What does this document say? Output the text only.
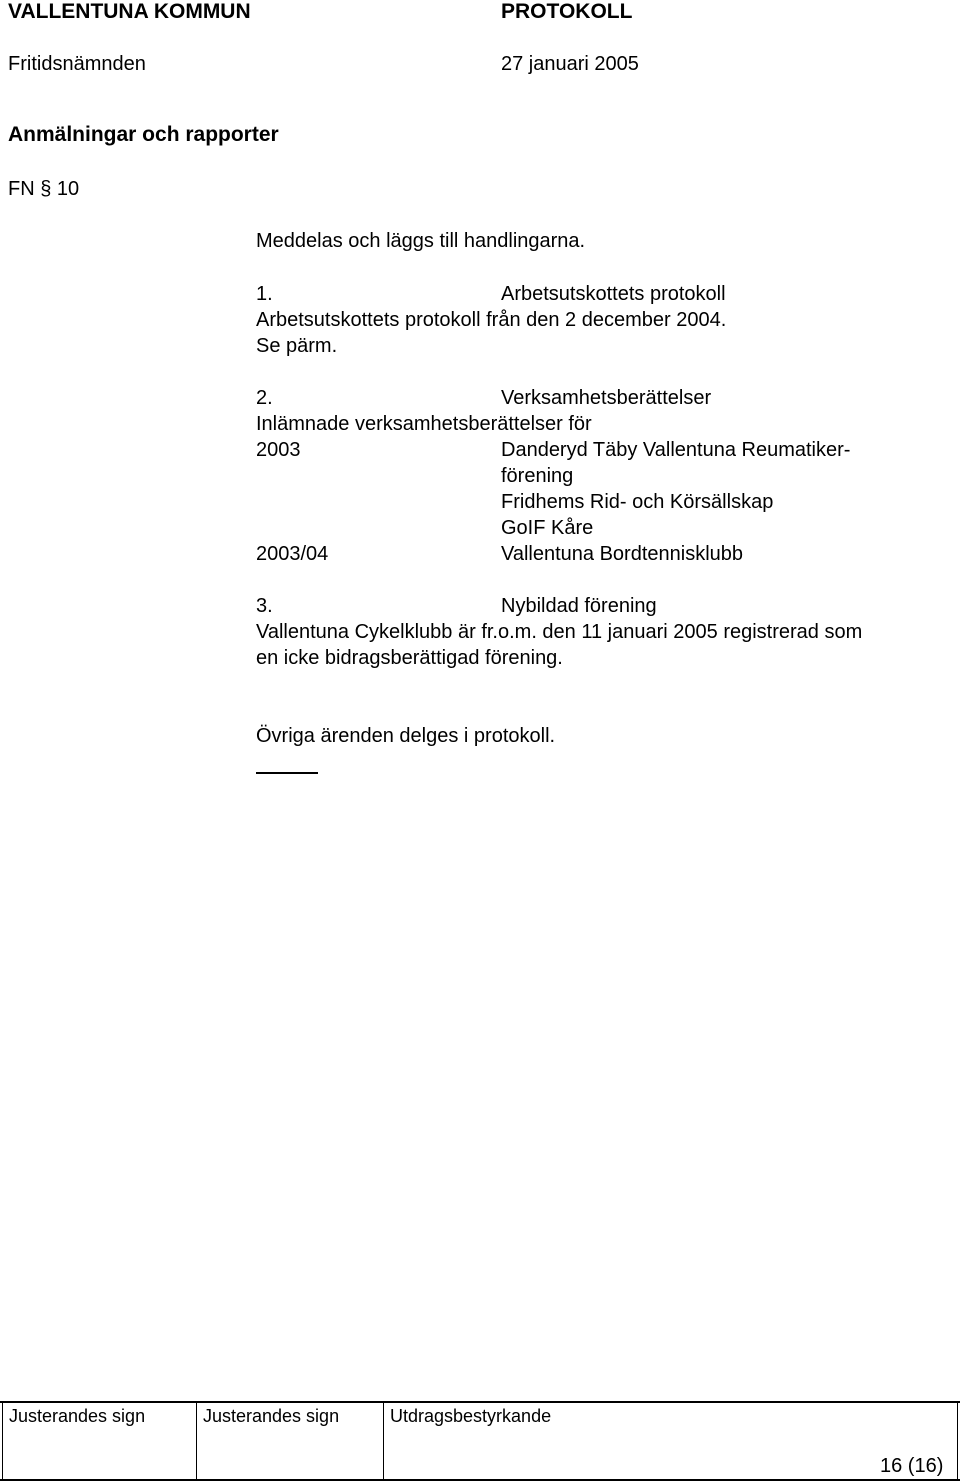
VALLENTUNA KOMMUN	PROTOKOLL
Fritidsnämnden	27 januari 2005
Anmälningar och rapporter
FN § 10
Meddelas och läggs till handlingarna.
1.	Arbetsutskottets protokoll
Arbetsutskottets protokoll från den 2 december 2004.
Se pärm.
2.	Verksamhetsberättelser
Inlämnade verksamhetsberättelser för
2003	Danderyd Täby Vallentuna Reumatiker-
förening
Fridhems Rid- och Körsällskap
GoIF Kåre
2003/04	Vallentuna Bordtennisklubb
3.	Nybildad förening
Vallentuna Cykelklubb är fr.o.m. den 11 januari 2005 registrerad som
en icke bidragsberättigad förening.
Övriga ärenden delges i protokoll.
Justerandes sign	Justerandes sign	Utdragsbestyrkande
16 (16)
